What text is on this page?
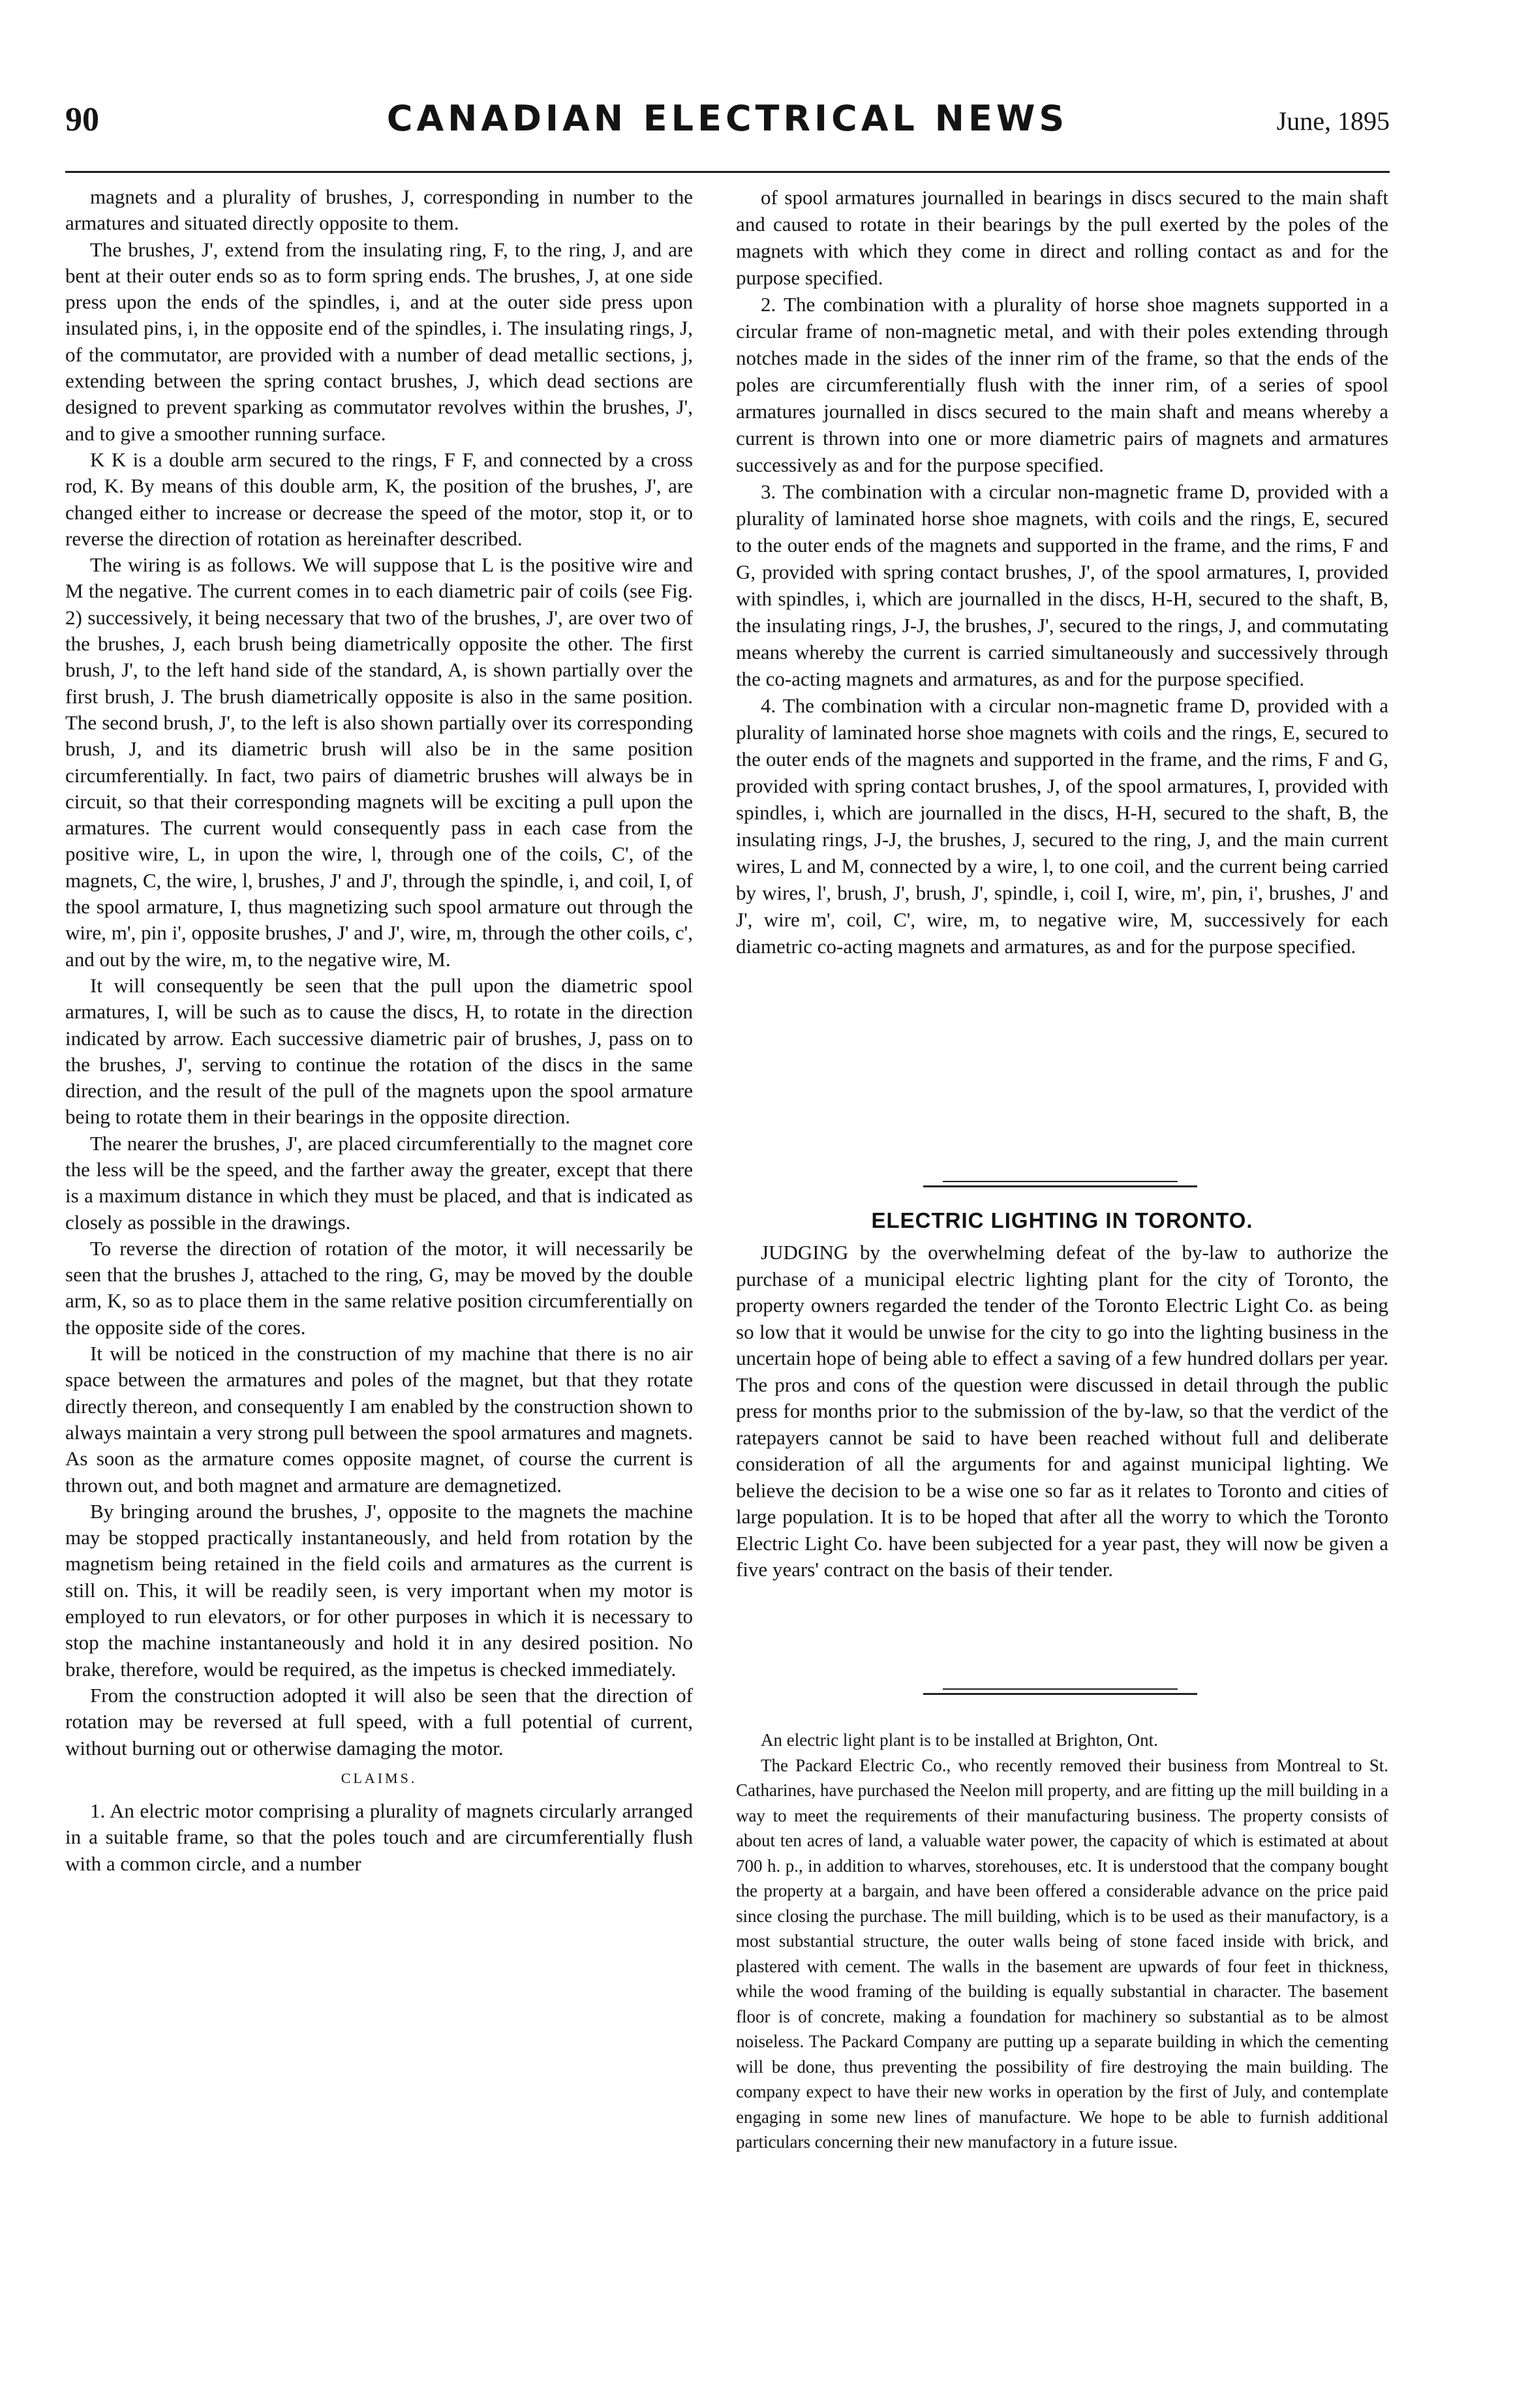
90	CANADIAN ELECTRICAL NEWS	June, 1895

magnets and a plurality of brushes, J, corresponding in number to the armatures and situated directly opposite to them.

The brushes, J', extend from the insulating ring, F, to the ring, J, and are bent at their outer ends so as to form spring ends. The brushes, J, at one side press upon the ends of the spindles, i, and at the outer side press upon insulated pins, i, in the opposite end of the spindles, i. The insulating rings, J, of the commutator, are provided with a number of dead metallic sections, j, extending between the spring contact brushes, J, which dead sections are designed to prevent sparking as commutator revolves within the brushes, J', and to give a smoother running surface.

K K is a double arm secured to the rings, F F, and connected by a cross rod, K. By means of this double arm, K, the position of the brushes, J', are changed either to increase or decrease the speed of the motor, stop it, or to reverse the direction of rotation as hereinafter described.

The wiring is as follows. We will suppose that L is the positive wire and M the negative. The current comes in to each diametric pair of coils (see Fig. 2) successively, it being necessary that two of the brushes, J', are over two of the brushes, J, each brush being diametrically opposite the other. The first brush, J', to the left hand side of the standard, A, is shown partially over the first brush, J. The brush diametrically opposite is also in the same position. The second brush, J', to the left is also shown partially over its corresponding brush, J, and its diametric brush will also be in the same position circumferentially. In fact, two pairs of diametric brushes will always be in circuit, so that their corresponding magnets will be exciting a pull upon the armatures. The current would consequently pass in each case from the positive wire, L, in upon the wire, l, through one of the coils, C', of the magnets, C, the wire, l, brushes, J' and J', through the spindle, i, and coil, I, of the spool armature, I, thus magnetizing such spool armature out through the wire, m', pin i', opposite brushes, J' and J', wire, m, through the other coils, c', and out by the wire, m, to the negative wire, M.

It will consequently be seen that the pull upon the diametric spool armatures, I, will be such as to cause the discs, H, to rotate in the direction indicated by arrow. Each successive diametric pair of brushes, J, pass on to the brushes, J', serving to continue the rotation of the discs in the same direction, and the result of the pull of the magnets upon the spool armature being to rotate them in their bearings in the opposite direction.

The nearer the brushes, J', are placed circumferentially to the magnet core the less will be the speed, and the farther away the greater, except that there is a maximum distance in which they must be placed, and that is indicated as closely as possible in the drawings.

To reverse the direction of rotation of the motor, it will necessarily be seen that the brushes J, attached to the ring, G, may be moved by the double arm, K, so as to place them in the same relative position circumferentially on the opposite side of the cores.

It will be noticed in the construction of my machine that there is no air space between the armatures and poles of the magnet, but that they rotate directly thereon, and consequently I am enabled by the construction shown to always maintain a very strong pull between the spool armatures and magnets. As soon as the armature comes opposite magnet, of course the current is thrown out, and both magnet and armature are demagnetized.

By bringing around the brushes, J', opposite to the magnets the machine may be stopped practically instantaneously, and held from rotation by the magnetism being retained in the field coils and armatures as the current is still on. This, it will be readily seen, is very important when my motor is employed to run elevators, or for other purposes in which it is necessary to stop the machine instantaneously and hold it in any desired position. No brake, therefore, would be required, as the impetus is checked immediately.

From the construction adopted it will also be seen that the direction of rotation may be reversed at full speed, with a full potential of current, without burning out or otherwise damaging the motor.

CLAIMS.

1. An electric motor comprising a plurality of magnets circularly arranged in a suitable frame, so that the poles touch and are circumferentially flush with a common circle, and a number

of spool armatures journalled in bearings in discs secured to the main shaft and caused to rotate in their bearings by the pull exerted by the poles of the magnets with which they come in direct and rolling contact as and for the purpose specified.

2. The combination with a plurality of horse shoe magnets supported in a circular frame of non-magnetic metal, and with their poles extending through notches made in the sides of the inner rim of the frame, so that the ends of the poles are circumferentially flush with the inner rim, of a series of spool armatures journalled in discs secured to the main shaft and means whereby a current is thrown into one or more diametric pairs of magnets and armatures successively as and for the purpose specified.

3. The combination with a circular non-magnetic frame D, provided with a plurality of laminated horse shoe magnets, with coils and the rings, E, secured to the outer ends of the magnets and supported in the frame, and the rims, F and G, provided with spring contact brushes, J', of the spool armatures, I, provided with spindles, i, which are journalled in the discs, H-H, secured to the shaft, B, the insulating rings, J-J, the brushes, J', secured to the rings, J, and commutating means whereby the current is carried simultaneously and successively through the co-acting magnets and armatures, as and for the purpose specified.

4. The combination with a circular non-magnetic frame D, provided with a plurality of laminated horse shoe magnets with coils and the rings, E, secured to the outer ends of the magnets and supported in the frame, and the rims, F and G, provided with spring contact brushes, J, of the spool armatures, I, provided with spindles, i, which are journalled in the discs, H-H, secured to the shaft, B, the insulating rings, J-J, the brushes, J, secured to the ring, J, and the main current wires, L and M, connected by a wire, l, to one coil, and the current being carried by wires, l', brush, J', brush, J', spindle, i, coil I, wire, m', pin, i', brushes, J' and J', wire m', coil, C', wire, m, to negative wire, M, successively for each diametric co-acting magnets and armatures, as and for the purpose specified.

ELECTRIC LIGHTING IN TORONTO.

JUDGING by the overwhelming defeat of the by-law to authorize the purchase of a municipal electric lighting plant for the city of Toronto, the property owners regarded the tender of the Toronto Electric Light Co. as being so low that it would be unwise for the city to go into the lighting business in the uncertain hope of being able to effect a saving of a few hundred dollars per year. The pros and cons of the question were discussed in detail through the public press for months prior to the submission of the by-law, so that the verdict of the ratepayers cannot be said to have been reached without full and deliberate consideration of all the arguments for and against municipal lighting. We believe the decision to be a wise one so far as it relates to Toronto and cities of large population. It is to be hoped that after all the worry to which the Toronto Electric Light Co. have been subjected for a year past, they will now be given a five years' contract on the basis of their tender.

An electric light plant is to be installed at Brighton, Ont.

The Packard Electric Co., who recently removed their business from Montreal to St. Catharines, have purchased the Neelon mill property, and are fitting up the mill building in a way to meet the requirements of their manufacturing business. The property consists of about ten acres of land, a valuable water power, the capacity of which is estimated at about 700 h. p., in addition to wharves, storehouses, etc. It is understood that the company bought the property at a bargain, and have been offered a considerable advance on the price paid since closing the purchase. The mill building, which is to be used as their manufactory, is a most substantial structure, the outer walls being of stone faced inside with brick, and plastered with cement. The walls in the basement are upwards of four feet in thickness, while the wood framing of the building is equally substantial in character. The basement floor is of concrete, making a foundation for machinery so substantial as to be almost noiseless. The Packard Company are putting up a separate building in which the cementing will be done, thus preventing the possibility of fire destroying the main building. The company expect to have their new works in operation by the first of July, and contemplate engaging in some new lines of manufacture. We hope to be able to furnish additional particulars concerning their new manufactory in a future issue.
